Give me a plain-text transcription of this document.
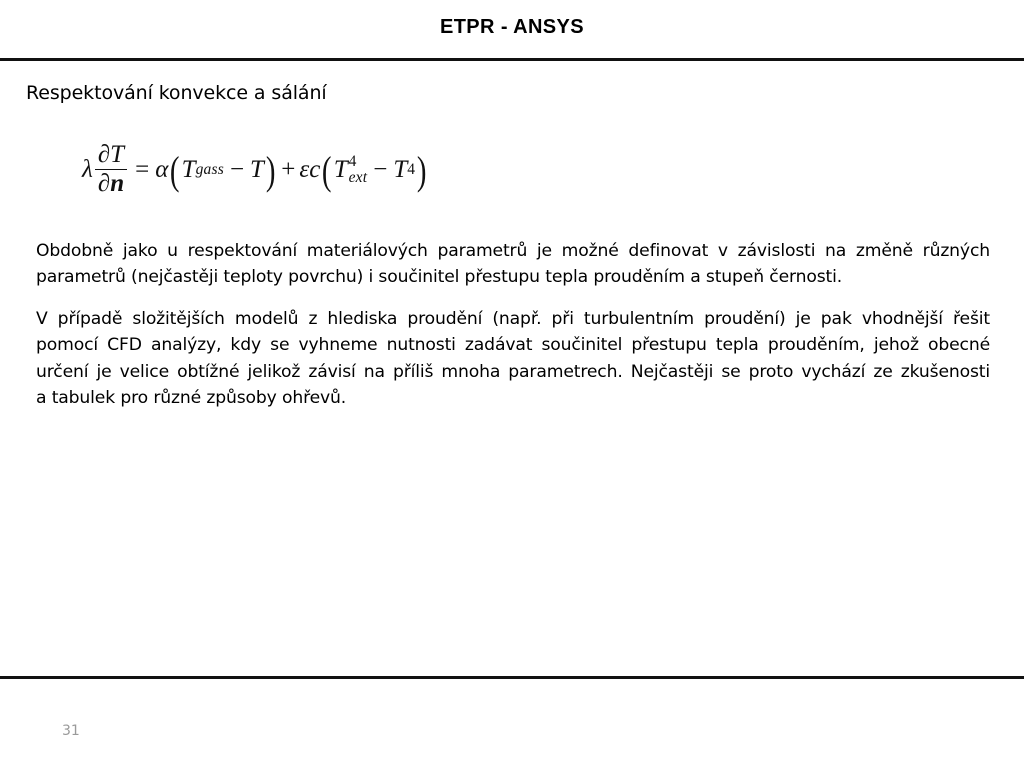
ETPR - ANSYS
Respektování konvekce a sálání
λ $\frac{\partial T}{\partial n} = \alpha$ ( T gass − T ) + ε c ( T 4
ext − T 4 )

Obdobně jako u respektování materiálových parametrů je možné definovat v závislosti na změně různých parametrů (nejčastěji teploty povrchu) i součinitel přestupu tepla prouděním a stupeň černosti.

V případě složitějších modelů z hlediska proudění (např. při turbulentním proudění) je pak vhodnější řešit pomocí CFD analýzy, kdy se vyhneme nutnosti zadávat součinitel přestupu tepla prouděním, jehož obecné určení je velice obtížné jelikož závisí na příliš mnoha parametrech. Nejčastěji se proto vychází ze zkušenosti
a tabulek pro různé způsoby ohřevů.

31
